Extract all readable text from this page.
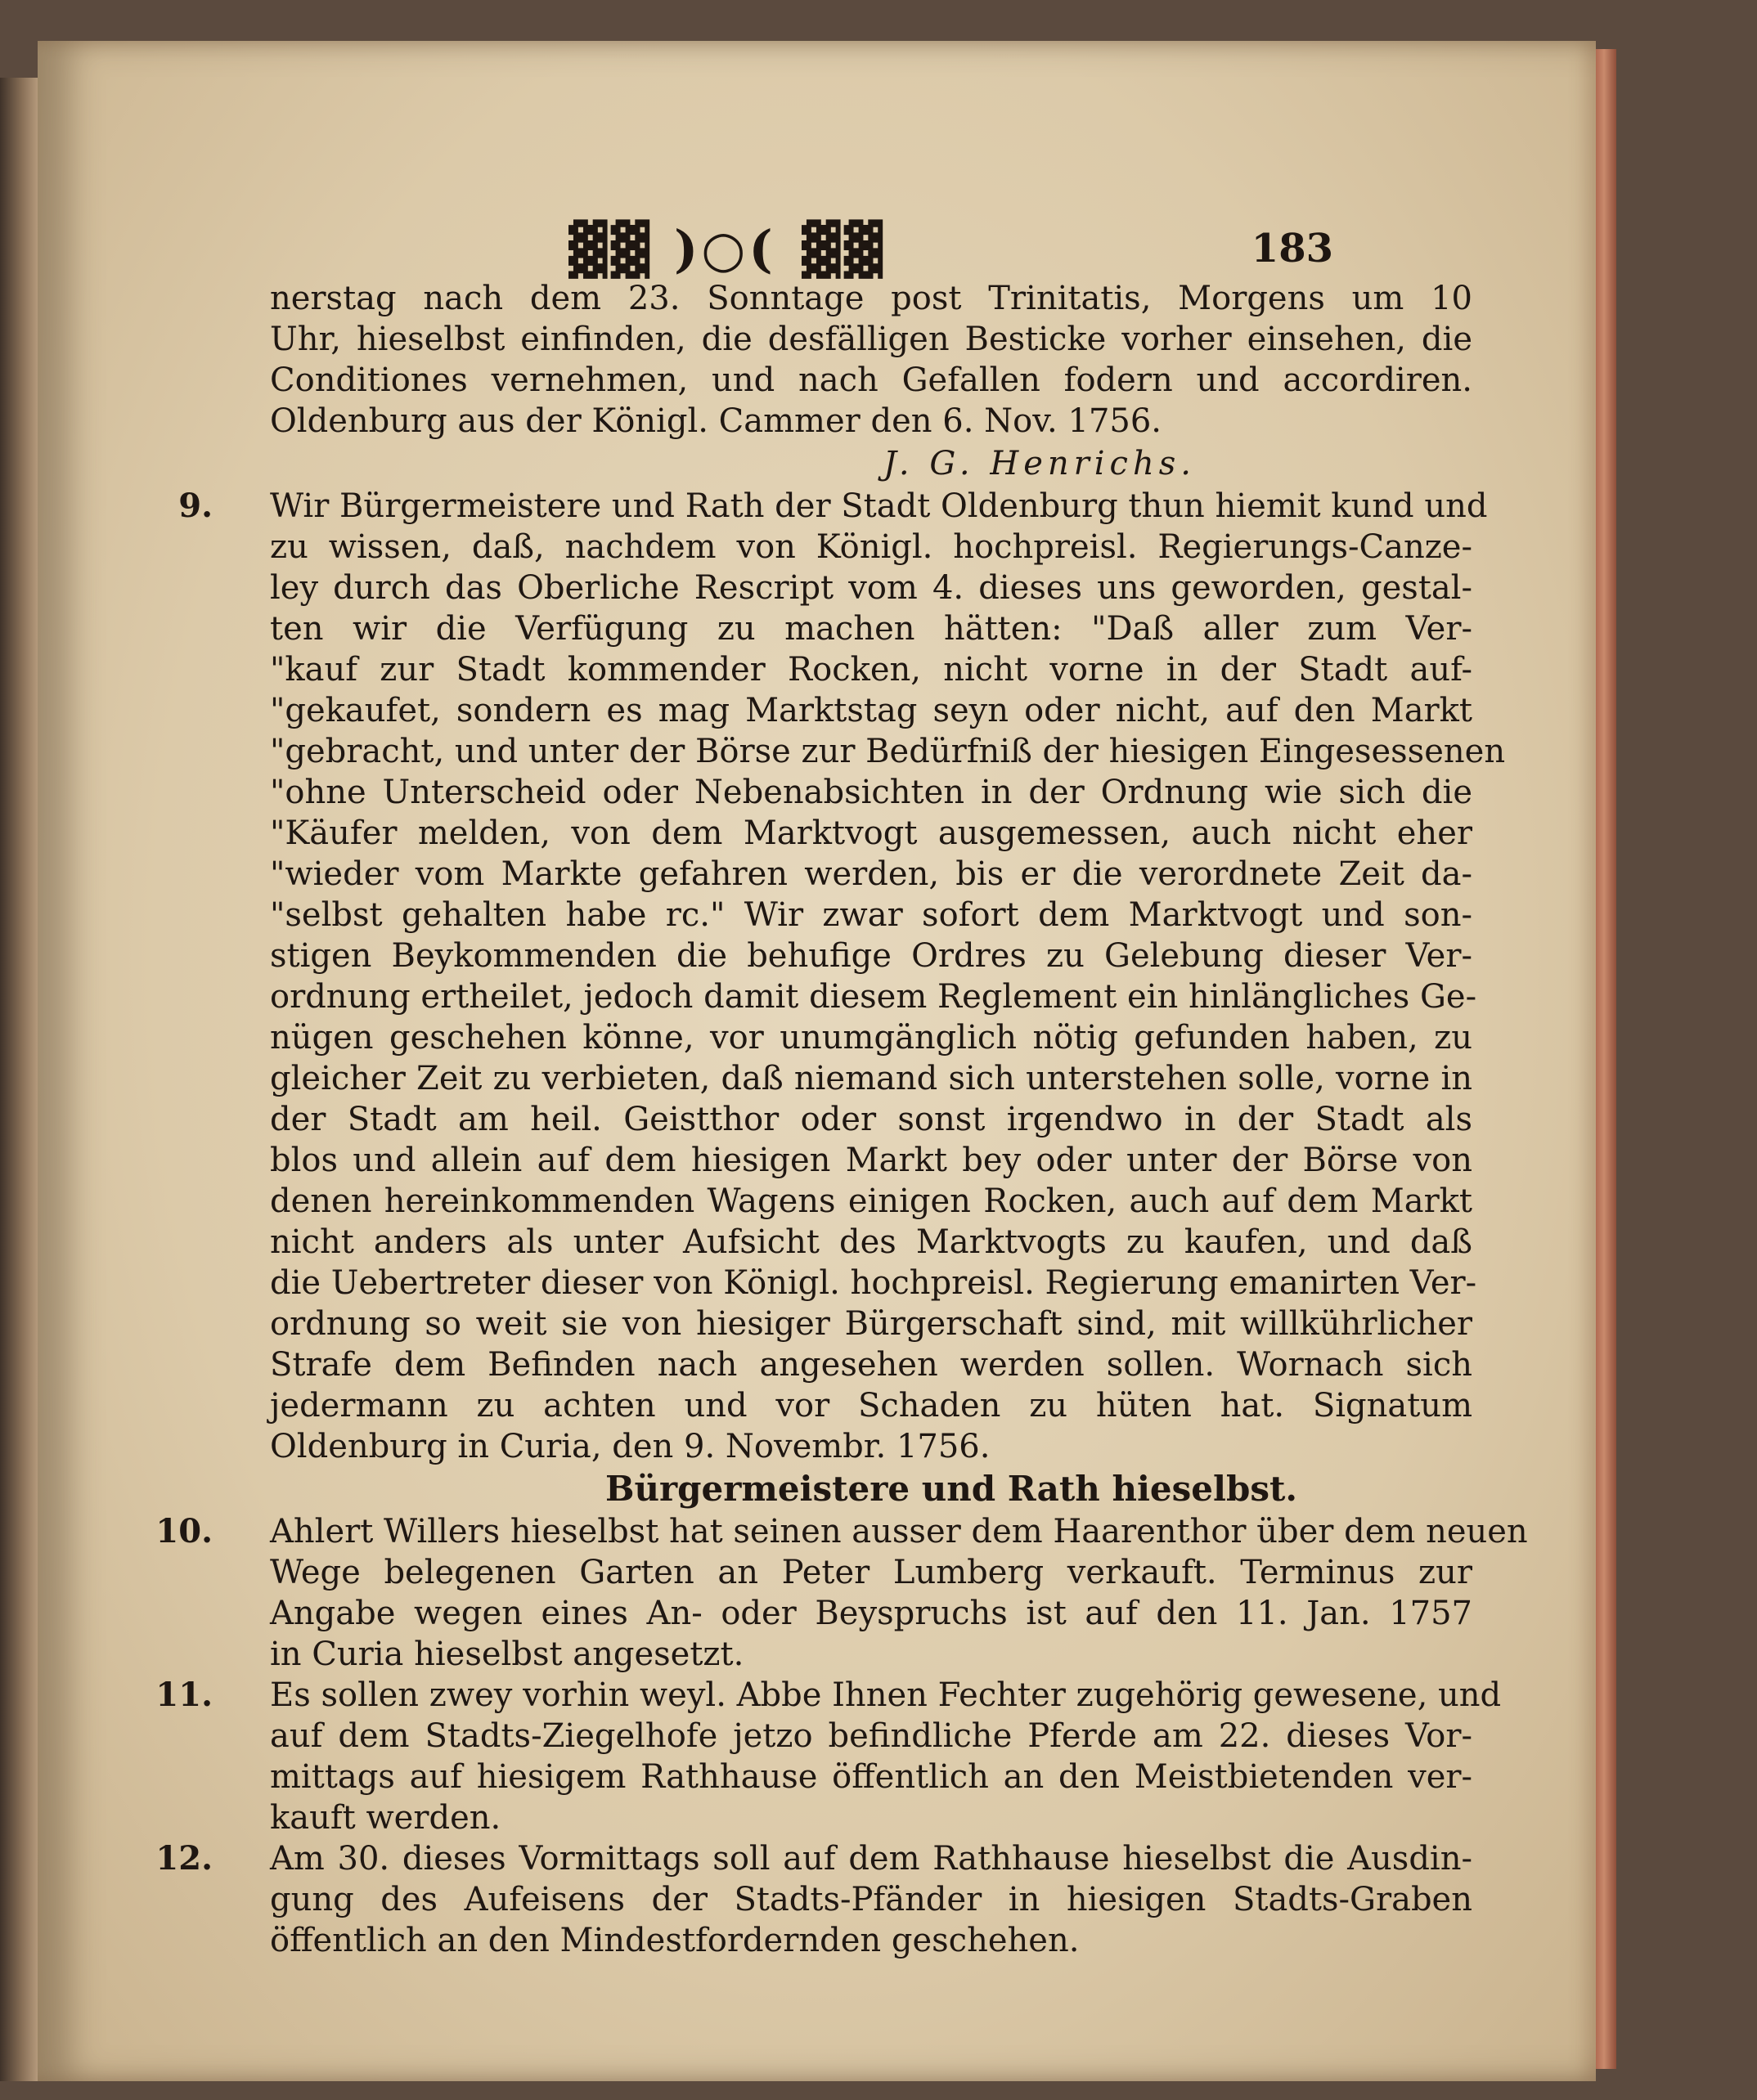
▓▓ )○( ▓▓	183
nerstag nach dem 23. Sonntage post Trinitatis, Morgens um 10
Uhr, hieselbst einfinden, die desfälligen Besticke vorher einsehen, die
Conditiones vernehmen, und nach Gefallen fodern und accordiren.
Oldenburg aus der Königl. Cammer den 6. Nov. 1756.
J. G. Henrichs.
9. Wir Bürgermeistere und Rath der Stadt Oldenburg thun hiemit kund und
zu wissen, daß, nachdem von Königl. hochpreisl. Regierungs-Canze-
ley durch das Oberliche Rescript vom 4. dieses uns geworden, gestal-
ten wir die Verfügung zu machen hätten: "Daß aller zum Ver-
"kauf zur Stadt kommender Rocken, nicht vorne in der Stadt auf-
"gekaufet, sondern es mag Marktstag seyn oder nicht, auf den Markt
"gebracht, und unter der Börse zur Bedürfniß der hiesigen Eingesessenen
"ohne Unterscheid oder Nebenabsichten in der Ordnung wie sich die
"Käufer melden, von dem Marktvogt ausgemessen, auch nicht eher
"wieder vom Markte gefahren werden, bis er die verordnete Zeit da-
"selbst gehalten habe rc." Wir zwar sofort dem Marktvogt und son-
stigen Beykommenden die behufige Ordres zu Gelebung dieser Ver-
ordnung ertheilet, jedoch damit diesem Reglement ein hinlängliches Ge-
nügen geschehen könne, vor unumgänglich nötig gefunden haben, zu
gleicher Zeit zu verbieten, daß niemand sich unterstehen solle, vorne in
der Stadt am heil. Geistthor oder sonst irgendwo in der Stadt als
blos und allein auf dem hiesigen Markt bey oder unter der Börse von
denen hereinkommenden Wagens einigen Rocken, auch auf dem Markt
nicht anders als unter Aufsicht des Marktvogts zu kaufen, und daß
die Uebertreter dieser von Königl. hochpreisl. Regierung emanirten Ver-
ordnung so weit sie von hiesiger Bürgerschaft sind, mit willkührlicher
Strafe dem Befinden nach angesehen werden sollen. Wornach sich
jedermann zu achten und vor Schaden zu hüten hat. Signatum
Oldenburg in Curia, den 9. Novembr. 1756.
Bürgermeistere und Rath hieselbst.
10. Ahlert Willers hieselbst hat seinen ausser dem Haarenthor über dem neuen
Wege belegenen Garten an Peter Lumberg verkauft. Terminus zur
Angabe wegen eines An- oder Beyspruchs ist auf den 11. Jan. 1757
in Curia hieselbst angesetzt.
11. Es sollen zwey vorhin weyl. Abbe Ihnen Fechter zugehörig gewesene, und
auf dem Stadts-Ziegelhofe jetzo befindliche Pferde am 22. dieses Vor-
mittags auf hiesigem Rathhause öffentlich an den Meistbietenden ver-
kauft werden.
12. Am 30. dieses Vormittags soll auf dem Rathhause hieselbst die Ausdin-
gung des Aufeisens der Stadts-Pfänder in hiesigen Stadts-Graben
öffentlich an den Mindestfordernden geschehen.
